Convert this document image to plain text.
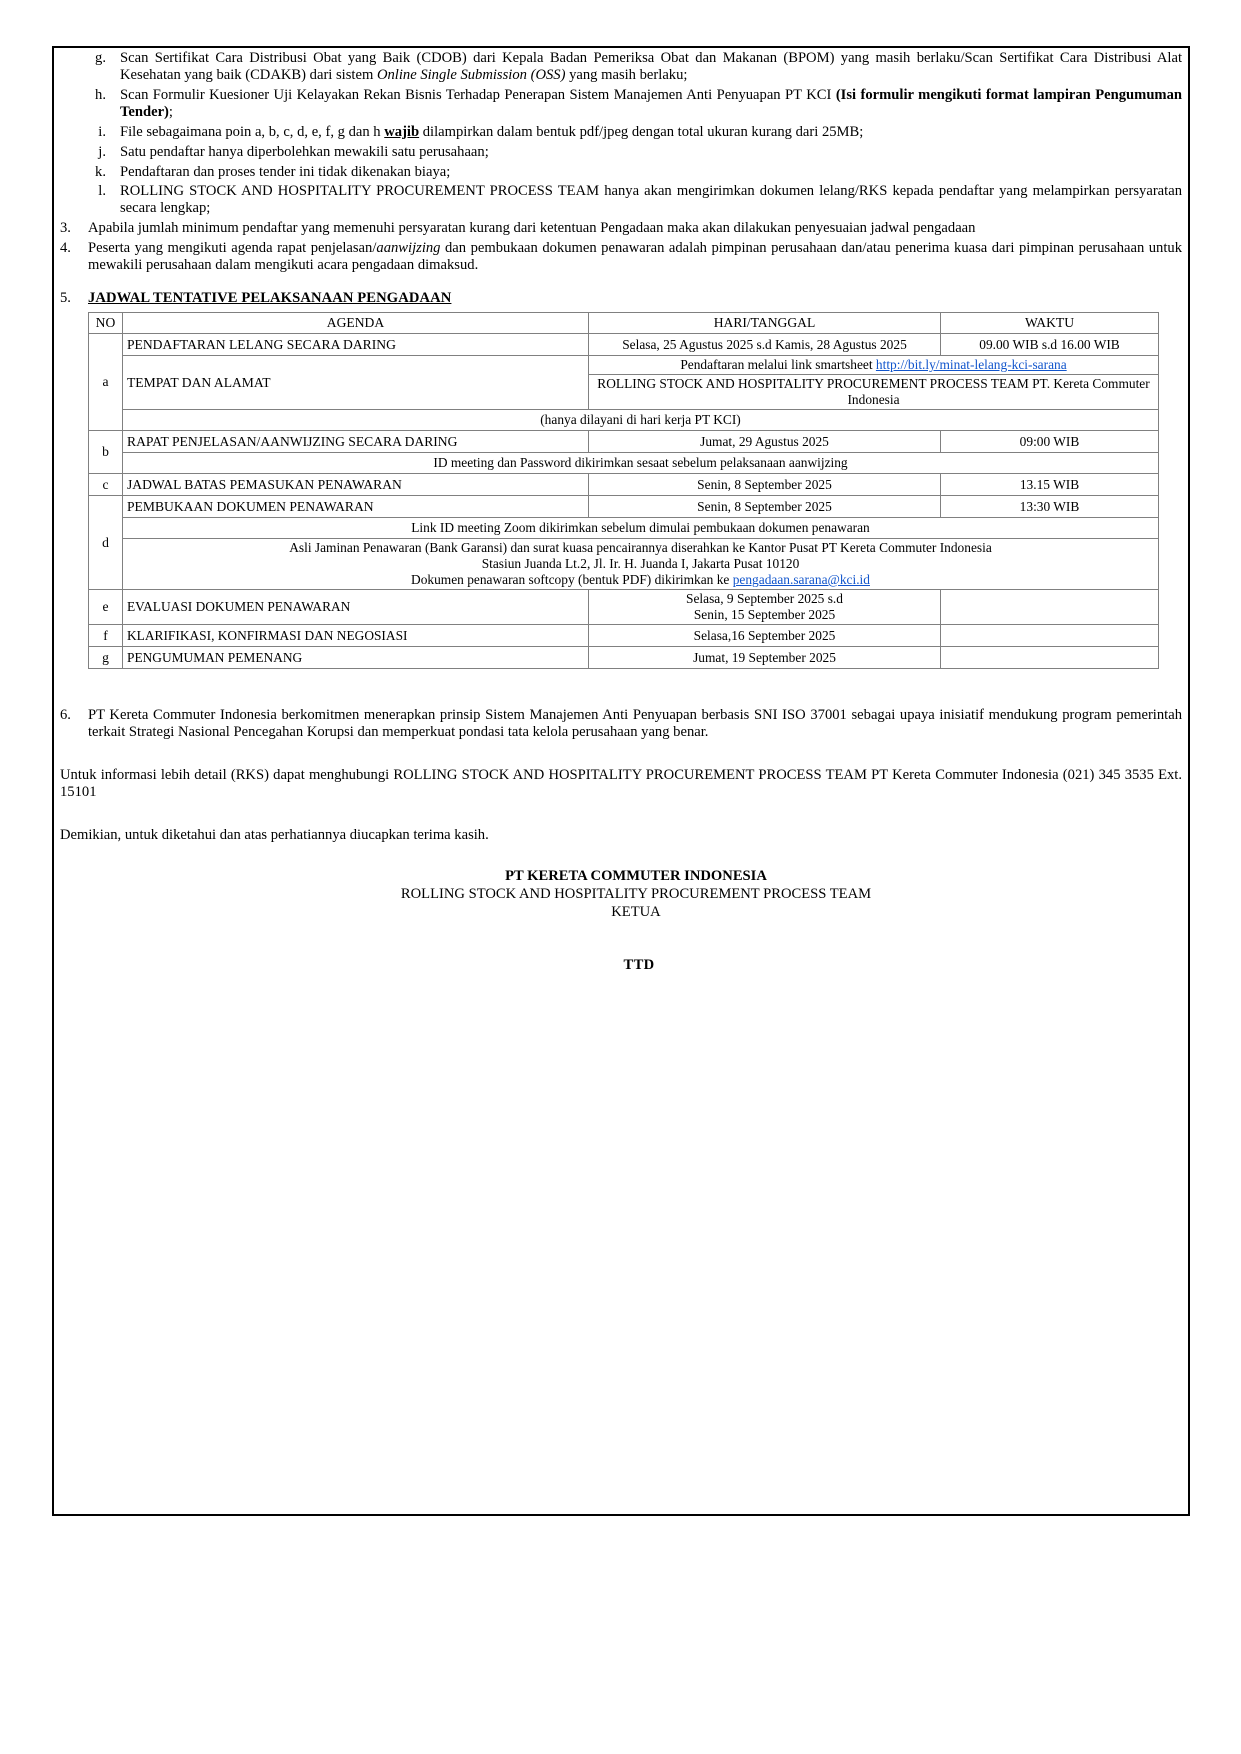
g. Scan Sertifikat Cara Distribusi Obat yang Baik (CDOB) dari Kepala Badan Pemeriksa Obat dan Makanan (BPOM) yang masih berlaku/Scan Sertifikat Cara Distribusi Alat Kesehatan yang baik (CDAKB) dari sistem Online Single Submission (OSS) yang masih berlaku;
h. Scan Formulir Kuesioner Uji Kelayakan Rekan Bisnis Terhadap Penerapan Sistem Manajemen Anti Penyuapan PT KCI (Isi formulir mengikuti format lampiran Pengumuman Tender);
i. File sebagaimana poin a, b, c, d, e, f, g dan h wajib dilampirkan dalam bentuk pdf/jpeg dengan total ukuran kurang dari 25MB;
j. Satu pendaftar hanya diperbolehkan mewakili satu perusahaan;
k. Pendaftaran dan proses tender ini tidak dikenakan biaya;
l. ROLLING STOCK AND HOSPITALITY PROCUREMENT PROCESS TEAM hanya akan mengirimkan dokumen lelang/RKS kepada pendaftar yang melampirkan persyaratan secara lengkap;
3.	Apabila jumlah minimum pendaftar yang memenuhi persyaratan kurang dari ketentuan Pengadaan maka akan dilakukan penyesuaian jadwal pengadaan
4.	Peserta yang mengikuti agenda rapat penjelasan/aanwijzing dan pembukaan dokumen penawaran adalah pimpinan perusahaan dan/atau penerima kuasa dari pimpinan perusahaan untuk mewakili perusahaan dalam mengikuti acara pengadaan dimaksud.
5.	JADWAL TENTATIVE PELAKSANAAN PENGADAAN
NO	AGENDA	HARI/TANGGAL	WAKTU
a	PENDAFTARAN LELANG SECARA DARING	Selasa, 25 Agustus 2025 s.d Kamis, 28 Agustus 2025	09.00 WIB s.d 16.00 WIB
	TEMPAT DAN ALAMAT	Pendaftaran melalui link smartsheet http://bit.ly/minat-lelang-kci-sarana	
		ROLLING STOCK AND HOSPITALITY PROCUREMENT PROCESS TEAM PT. Kereta Commuter Indonesia	
	(hanya dilayani di hari kerja PT KCI)		
b	RAPAT PENJELASAN/AANWIJZING SECARA DARING	Jumat, 29 Agustus 2025	09:00 WIB
	ID meeting dan Password dikirimkan sesaat sebelum pelaksanaan aanwijzing		
c	JADWAL BATAS PEMASUKAN PENAWARAN	Senin, 8 September 2025	13.15 WIB
d	PEMBUKAAN DOKUMEN PENAWARAN	Senin, 8 September 2025	13:30 WIB
	Link ID meeting Zoom dikirimkan sebelum dimulai pembukaan dokumen penawaran		

	Asli Jaminan Penawaran (Bank Garansi) dan surat kuasa pencairannya diserahkan ke Kantor Pusat PT Kereta Commuter Indonesia
Stasiun Juanda Lt.2, Jl. Ir. H. Juanda I, Jakarta Pusat 10120
Dokumen penawaran softcopy (bentuk PDF) dikirimkan ke pengadaan.sarana@kci.id		

e	EVALUASI DOKUMEN PENAWARAN	Selasa, 9 September 2025 s.d
Senin, 15 September 2025	

f	KLARIFIKASI, KONFIRMASI DAN NEGOSIASI	Selasa,16 September 2025	
g	PENGUMUMAN PEMENANG	Jumat, 19 September 2025	
6.	PT Kereta Commuter Indonesia berkomitmen menerapkan prinsip Sistem Manajemen Anti Penyuapan berbasis SNI ISO 37001 sebagai upaya inisiatif mendukung program pemerintah terkait Strategi Nasional Pencegahan Korupsi dan memperkuat pondasi tata kelola perusahaan yang benar.
Untuk informasi lebih detail (RKS) dapat menghubungi ROLLING STOCK AND HOSPITALITY PROCUREMENT PROCESS TEAM PT Kereta Commuter Indonesia (021) 345 3535 Ext. 15101
Demikian, untuk diketahui dan atas perhatiannya diucapkan terima kasih.
PT KERETA COMMUTER INDONESIA
ROLLING STOCK AND HOSPITALITY PROCUREMENT PROCESS TEAM
KETUA
TTD
